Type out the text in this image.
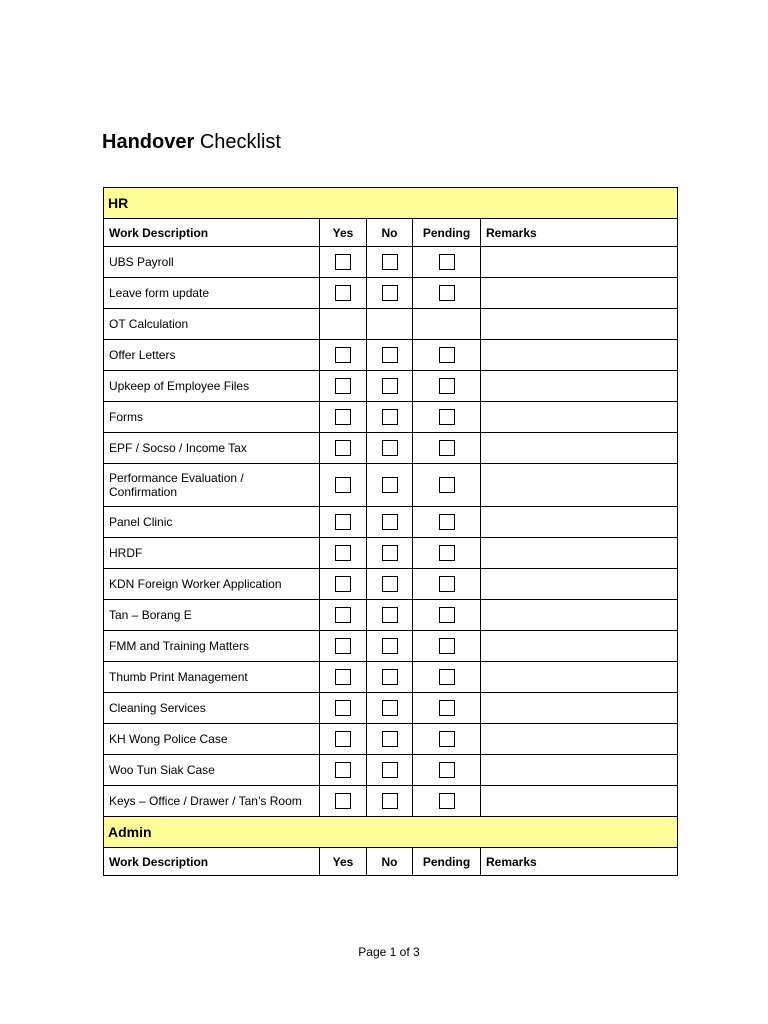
Handover Checklist
HR				
Work Description	Yes	No	Pending	Remarks
UBS Payroll				
Leave form update				
OT Calculation				
Offer Letters				
Upkeep of Employee Files				
Forms				
EPF / Socso / Income Tax				
Performance Evaluation / Confirmation				
Panel Clinic				
HRDF				
KDN Foreign Worker Application				
Tan – Borang E				
FMM and Training Matters				
Thumb Print Management				
Cleaning Services				
KH Wong Police Case				
Woo Tun Siak Case				
Keys – Office / Drawer / Tan’s Room				
Admin				
Work Description	Yes	No	Pending	Remarks
Page 1 of 3
